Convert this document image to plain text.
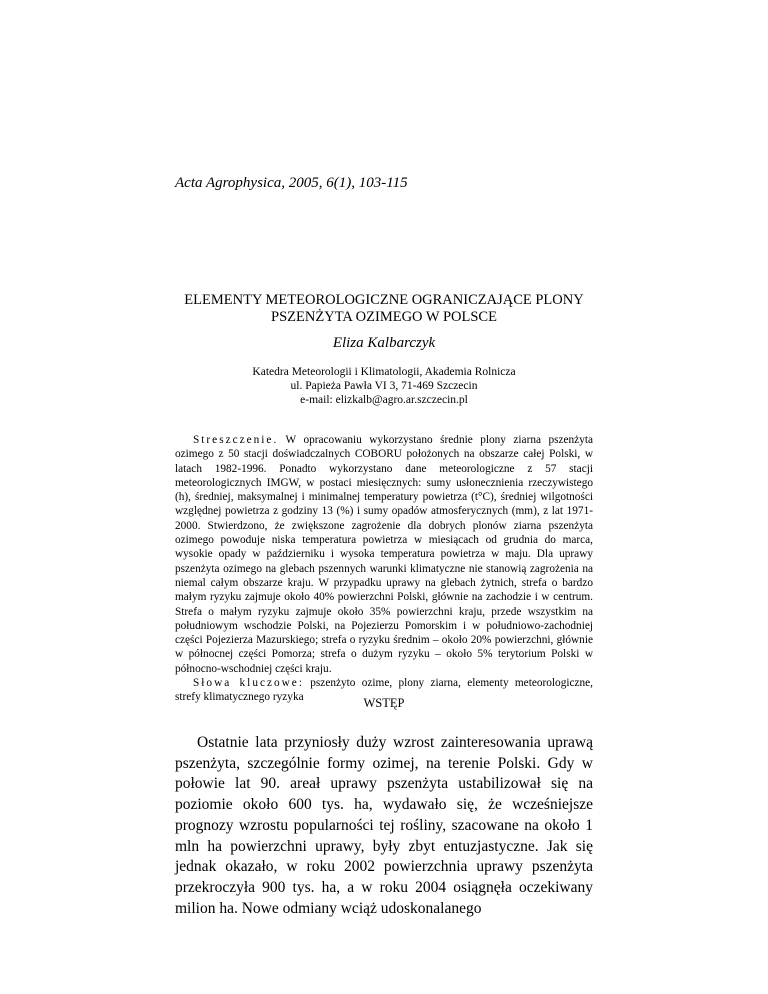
Acta Agrophysica, 2005, 6(1), 103-115
ELEMENTY METEOROLOGICZNE OGRANICZAJĄCE PLONY
PSZENŻYTA OZIMEGO W POLSCE
Eliza Kalbarczyk
Katedra Meteorologii i Klimatologii, Akademia Rolnicza
ul. Papieża Pawła VI 3, 71-469 Szczecin
e-mail: elizkalb@agro.ar.szczecin.pl

Streszczenie. W opracowaniu wykorzystano średnie plony ziarna pszenżyta ozimego z 50 stacji doświadczalnych COBORU położonych na obszarze całej Polski, w latach 1982-1996. Ponadto wykorzystano dane meteorologiczne z 57 stacji meteorologicznych IMGW, w postaci miesięcznych: sumy usłonecznienia rzeczywistego (h), średniej, maksymalnej i minimalnej temperatury powietrza (t°C), średniej wilgotności względnej powietrza z godziny 13 (%) i sumy opadów atmosferycznych (mm), z lat 1971-2000. Stwierdzono, że zwiększone zagrożenie dla dobrych plonów ziarna pszenżyta ozimego powoduje niska temperatura powietrza w miesiącach od grudnia do marca, wysokie opady w październiku i wysoka temperatura powietrza w maju. Dla uprawy pszenżyta ozimego na glebach pszennych warunki klimatyczne nie stanowią zagrożenia na niemal całym obszarze kraju. W przypadku uprawy na glebach żytnich, strefa o bardzo małym ryzyku zajmuje około 40% powierzchni Polski, głównie na zachodzie i w centrum. Strefa o małym ryzyku zajmuje około 35% powierzchni kraju, przede wszystkim na południowym wschodzie Polski, na Pojezierzu Pomorskim i w południowo-zachodniej części Pojezierza Mazurskiego; strefa o ryzyku średnim – około 20% powierzchni, głównie w północnej części Pomorza; strefa o dużym ryzyku – około 5% terytorium Polski w północno-wschodniej części kraju.

Słowa kluczowe: pszenżyto ozime, plony ziarna, elementy meteorologiczne, strefy klimatycznego ryzyka	WSTĘP

Ostatnie lata przyniosły duży wzrost zainteresowania uprawą pszenżyta, szczególnie formy ozimej, na terenie Polski. Gdy w połowie lat 90. areał uprawy pszenżyta ustabilizował się na poziomie około 600 tys. ha, wydawało się, że wcześniejsze prognozy wzrostu popularności tej rośliny, szacowane na około 1 mln ha powierzchni uprawy, były zbyt entuzjastyczne. Jak się jednak okazało, w roku 2002 powierzchnia uprawy pszenżyta przekroczyła 900 tys. ha, a w roku 2004 osiągnęła oczekiwany milion ha. Nowe odmiany wciąż udoskonalanego
